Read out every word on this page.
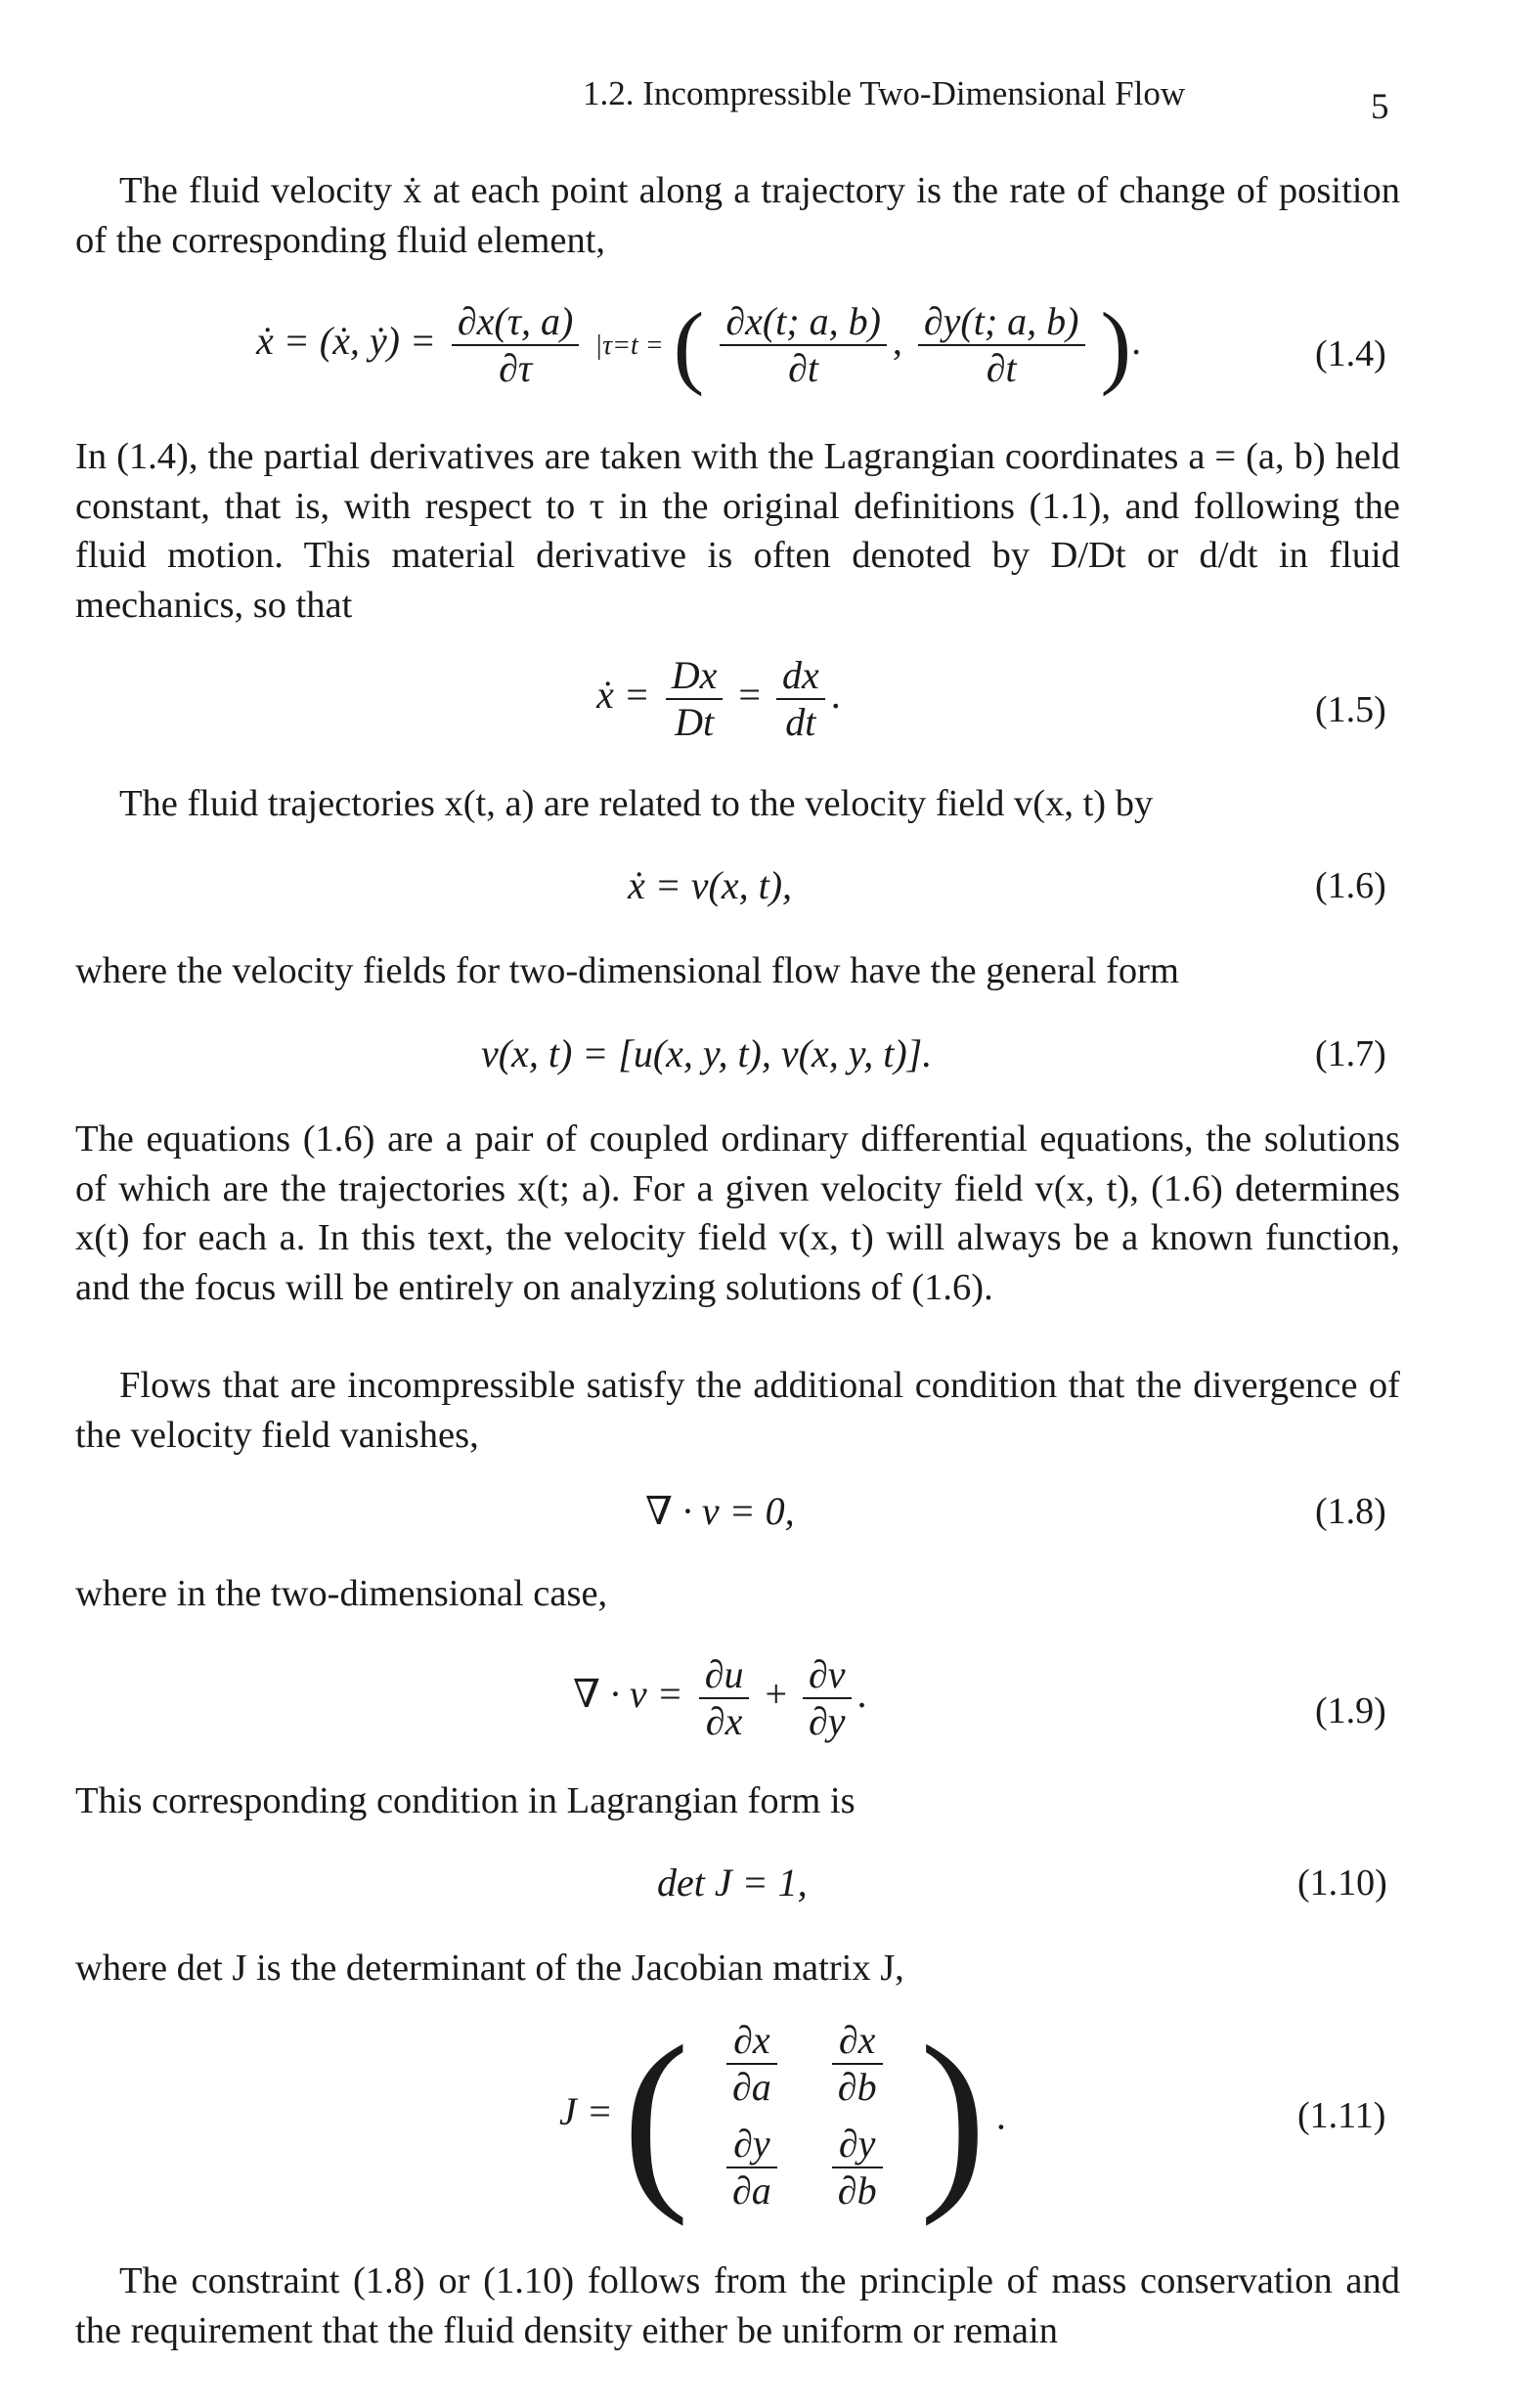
1.2. Incompressible Two-Dimensional Flow	5
The fluid velocity ẋ at each point along a trajectory is the rate of change of position of the corresponding fluid element,
ẋ = (ẋ, ẏ) = $\frac{\partial x(\tau, a)}{\partial\tau} |\tau=t$ = ( $\frac{\partial x(t; a, b)}{\partial t}$ , $\frac{\partial y(t; a, b)}{\partial t}$ ).	(1.4)
In (1.4), the partial derivatives are taken with the Lagrangian coordinates a = (a, b) held constant, that is, with respect to τ in the original definitions (1.1), and following the fluid motion. This material derivative is often denoted by D/Dt or d/dt in fluid mechanics, so that
ẋ = $\frac{Dx}{Dt} = \frac{dx}{dt}$ .	(1.5)
The fluid trajectories x(t, a) are related to the velocity field v(x, t) by
ẋ = v(x, t),	(1.6)
where the velocity fields for two-dimensional flow have the general form
v(x, t) = [u(x, y, t), v(x, y, t)].	(1.7)
The equations (1.6) are a pair of coupled ordinary differential equations, the solutions of which are the trajectories x(t; a). For a given velocity field v(x, t), (1.6) determines x(t) for each a. In this text, the velocity field v(x, t) will always be a known function, and the focus will be entirely on analyzing solutions of (1.6).
Flows that are incompressible satisfy the additional condition that the divergence of the velocity field vanishes,
∇ · v = 0,	(1.8)
where in the two-dimensional case,
∇ · $v = \frac{\partial u}{\partial x} + \frac{\partial v}{\partial y}$ .	(1.9)
This corresponding condition in Lagrangian form is
det J = 1,	(1.10)
where det J is the determinant of the Jacobian matrix J,
J = ( $\frac{\partial x}{\partial a}$	$\frac{\partial x}{\partial b}$

$\frac{\partial y}{\partial a}$	$\frac{\partial y}{\partial b}$ ) .	(1.11)
The constraint (1.8) or (1.10) follows from the principle of mass conservation and the requirement that the fluid density either be uniform or remain
